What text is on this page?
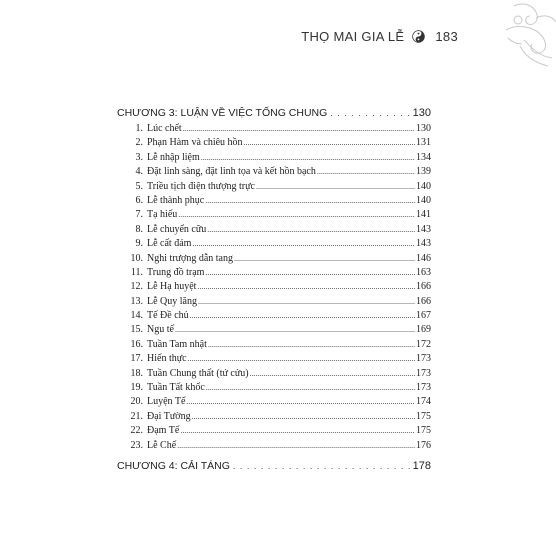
THỌ MAI GIA LỄ 183
CHƯƠNG 3: LUẬN VỀ VIỆC TỐNG CHUNG . . .	130
1. Lúc chết .....	130
2. Phạn Hàm và chiêu hồn .....	131
3. Lễ nhập liệm .....	134
4. Đặt linh sàng, đặt linh tọa và kết hồn bạch .....	139
5. Triều tịch điện thượng trực .....	140
6. Lễ thành phục .....	140
7. Tạ hiếu .....	141
8. Lễ chuyển cữu .....	143
9. Lễ cất đám .....	143
10. Nghi trượng dẫn tang .....	146
11. Trung đồ trạm .....	163
12. Lễ Hạ huyệt .....	166
13. Lễ Quy lăng .....	166
14. Tế Đề chủ .....	167
15. Ngu tế .....	169
16. Tuần Tam nhật .....	172
17. Hiến thực .....	173
18. Tuần Chung thất (tứ cửu) .....	173
19. Tuần Tất khốc .....	173
20. Luyện Tế .....	174
21. Đại Tường .....	175
22. Đạm Tế .....	175
23. Lễ Chế .....	176
CHƯƠNG 4: CẢI TÁNG . . .	178
